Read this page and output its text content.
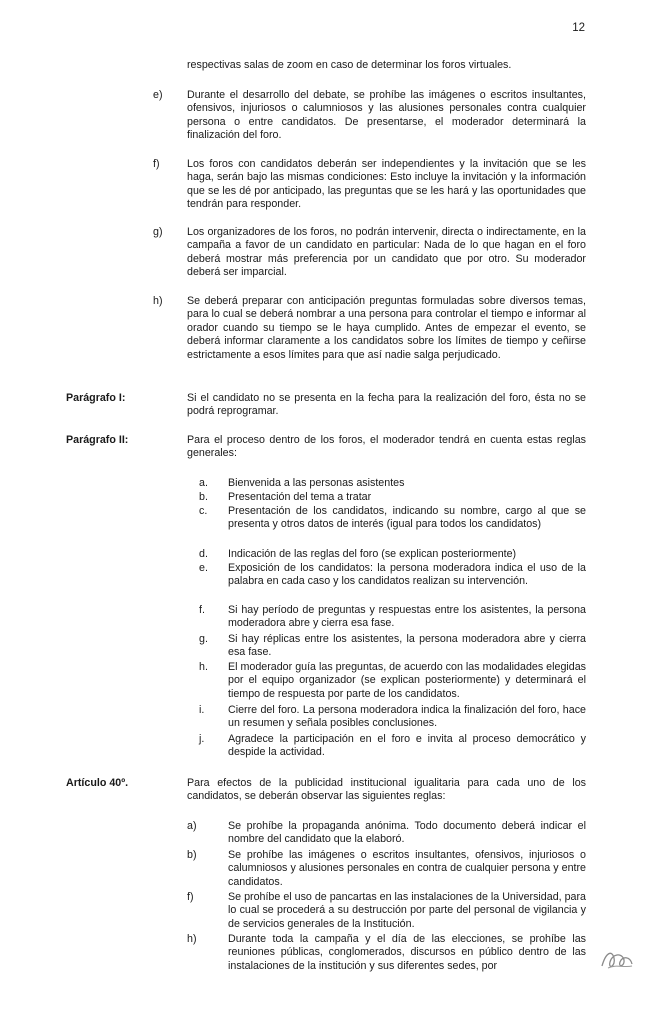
12
respectivas salas de zoom en caso de determinar los foros virtuales.
e) Durante el desarrollo del debate, se prohíbe las imágenes o escritos insultantes, ofensivos, injuriosos o calumniosos y las alusiones personales contra cualquier persona o entre candidatos. De presentarse, el moderador determinará la finalización del foro.
f)	Los foros con candidatos deberán ser independientes y la invitación que se les haga, serán bajo las mismas condiciones: Esto incluye la invitación y la información que se les dé por anticipado, las preguntas que se les hará y las oportunidades que tendrán para responder.
g) Los organizadores de los foros, no podrán intervenir, directa o indirectamente, en la campaña a favor de un candidato en particular: Nada de lo que hagan en el foro deberá mostrar más preferencia por un candidato que por otro. Su moderador deberá ser imparcial.
h) Se deberá preparar con anticipación preguntas formuladas sobre diversos temas, para lo cual se deberá nombrar a una persona para controlar el tiempo e informar al orador cuando su tiempo se le haya cumplido. Antes de empezar el evento, se deberá informar claramente a los candidatos sobre los límites de tiempo y ceñirse estrictamente a esos límites para que así nadie salga perjudicado.
Parágrafo I:	Si el candidato no se presenta en la fecha para la realización del foro, ésta no se podrá reprogramar.
Parágrafo II:	Para el proceso dentro de los foros, el moderador tendrá en cuenta estas reglas generales:
a. Bienvenida a las personas asistentes
b. Presentación del tema a tratar
c. Presentación de los candidatos, indicando su nombre, cargo al que se presenta y otros datos de interés (igual para todos los candidatos)
d. Indicación de las reglas del foro (se explican posteriormente)
e. Exposición de los candidatos: la persona moderadora indica el uso de la palabra en cada caso y los candidatos realizan su intervención.
f. Si hay período de preguntas y respuestas entre los asistentes, la persona moderadora abre y cierra esa fase.
g. Si hay réplicas entre los asistentes, la persona moderadora abre y cierra esa fase.
h. El moderador guía las preguntas, de acuerdo con las modalidades elegidas por el equipo organizador (se explican posteriormente) y determinará el tiempo de respuesta por parte de los candidatos.
i. Cierre del foro. La persona moderadora indica la finalización del foro, hace un resumen y señala posibles conclusiones.
j. Agradece la participación en el foro e invita al proceso democrático y despide la actividad.
Artículo 40º.	Para efectos de la publicidad institucional igualitaria para cada uno de los candidatos, se deberán observar las siguientes reglas:
a)	Se prohíbe la propaganda anónima. Todo documento deberá indicar el nombre del candidato que la elaboró.
b)	Se prohíbe las imágenes o escritos insultantes, ofensivos, injuriosos o calumniosos y alusiones personales en contra de cualquier persona y entre candidatos.
f)	Se prohíbe el uso de pancartas en las instalaciones de la Universidad, para lo cual se procederá a su destrucción por parte del personal de vigilancia y de servicios generales de la Institución.
h)	Durante toda la campaña y el día de las elecciones, se prohíbe las reuniones públicas, conglomerados, discursos en público dentro de las instalaciones de la institución y sus diferentes sedes, por
